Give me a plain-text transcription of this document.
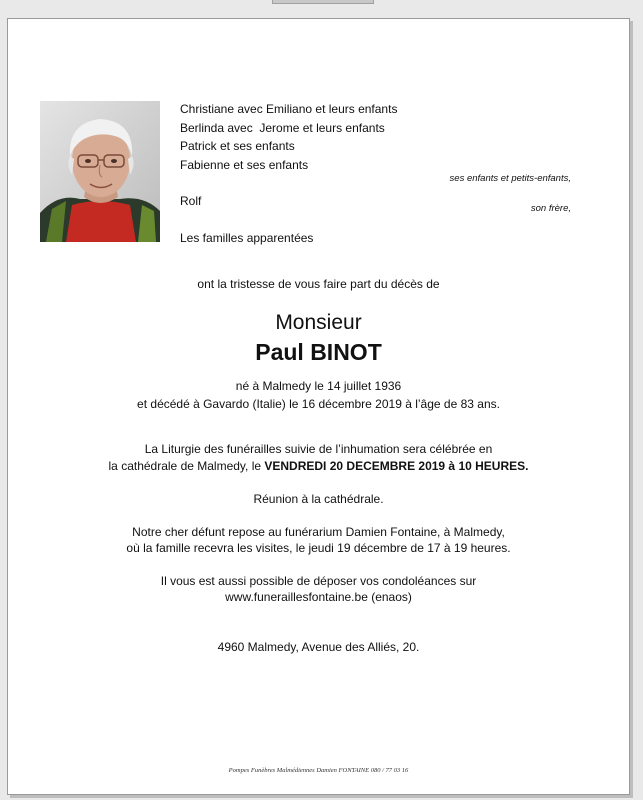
Christiane avec Emiliano et leurs enfants
Berlinda avec  Jerome et leurs enfants
Patrick et ses enfants
Fabienne et ses enfants
Rolf
Les familles apparentées
ses enfants et petits-enfants,
son frère,
ont la tristesse de vous faire part du décès de
Monsieur
Paul BINOT
né à Malmedy le 14 juillet 1936
et décédé à Gavardo (Italie) le 16 décembre 2019 à l’âge de 83 ans.
La Liturgie des funérailles suivie de l’inhumation sera célébrée en
la cathédrale de Malmedy, le VENDREDI 20 DECEMBRE 2019 à 10 HEURES.
Réunion à la cathédrale.
Notre cher défunt repose au funérarium Damien Fontaine, à Malmedy,
où la famille recevra les visites, le jeudi 19 décembre de 17 à 19 heures.
Il vous est aussi possible de déposer vos condoléances sur
www.funeraillesfontaine.be (enaos)
4960 Malmedy, Avenue des Alliés, 20.
Pompes Funèbres Malmédiennes Damien FONTAINE 080 / 77 03 16
